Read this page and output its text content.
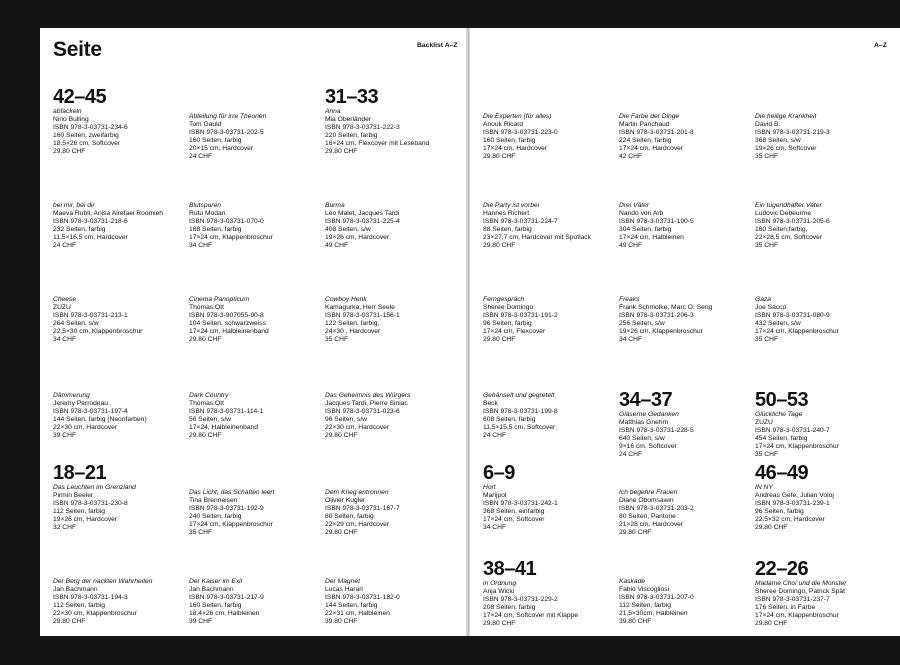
Seite	Backlist A–Z
42–45
abfackeln
Nino Bulling
ISBN 978-3-03731-234-6
160 Seiten, zweifarbig
18,5×26 cm, Softcover
29.80 CHF
Abteilung für irre Theorien
Tom Gauld
ISBN 978-3-03731-202-5
160 Seiten, farbig
20×15 cm, Hardcover
24 CHF
31–33
Anna
Mia Oberländer
ISBN 978-3-03731-222-3
220 Seiten, farbig
16×24 cm, Flexcover mit Leseband
29.80 CHF
bei mir, bei dir
Maeva Rubli, Anisa Alrefaei Roomieh
ISBN 978-3-03731-218-6
232 Seiten, farbig
11,5×16,5 cm, Hardcover
24 CHF
Blutspuren
Rutu Modan
ISBN 978-3-03731-070-0
168 Seiten, farbig
17×24 cm, Klappenbroschur
34 CHF
Burma
Léo Malet, Jacques Tardi
ISBN 978-3-03731-225-4
408 Seiten, s/w
19×26 cm, Hardcover
49 CHF
Cheese
ZUZU
ISBN 978-3-03731-213-1
264 Seiten, s/w
22,5×30 cm, Klappenbroschur
34 CHF
Cinema Panopticum
Thomas Ott
ISBN 978-3-907055-90-8
104 Seiten, schwarzweiss
17×24 cm, Halbleinenband
29.80 CHF
Cowboy Henk
Kamagurka, Herr Seele
ISBN 978-3-03731-156-1
122 Seiten, farbig,
24×30 , Hardcover
35 CHF
Dämmerung
Jeremy Perrodeau
ISBN 978-3-03731-197-4
144 Seiten, farbig (Neonfarben)
22×30 cm, Hardcover
39 CHF
Dark Country
Thomas Ott
ISBN 978-3-03731-114-1
56 Seiten, s/w
17×24, Halbleinenband
29.80 CHF
Das Geheimnis des Würgers
Jacques Tardi, Pierre Siniac
ISBN 978-3-03731-023-6
96 Seiten, s/w
22×30 cm, Hardcover
29.80 CHF
18–21
Das Leuchten im Grenzland
Pirmin Beeler
ISBN 978-3-03731-230-8
112 Seiten, farbig
19×26 cm, Hardcover
32 CHF
Das Licht, das Schatten leert
Tina Brenneisen
ISBN 978-3-03731-192-9
240 Seiten, farbig
17×24 cm, Klappenbroschur
35 CHF
Dem Krieg entronnen
Olivier Kugler
ISBN 978-3-03731-167-7
80 Seiten, farbig
22×29 cm, Hardcover
29.80 CHF
Der Berg der nackten Wahrheiten
Jan Bachmann
ISBN 978-3-03731-194-3
112 Seiten, farbig
22×30 cm, Klappenbroschur
29.80 CHF
Der Kaiser im Exil
Jan Bachmann
ISBN 978-3-03731-217-9
160 Seiten, farbig
18,4×26 cm, Halbleinen
39 CHF
Der Magnet
Lucas Harari
ISBN 978-3-03731-182-0
144 Seiten, farbig
22×31 cm, Halbleinen
39.80 CHF
A–Z
Die Experten (für alles)
Anouk Ricard
ISBN 978-3-03731-223-0
160 Seiten, farbig
17×24 cm, Hardcover
29.80 CHF
Die Farbe der Dinge
Martin Panchaud
ISBN 978-3-03731-201-8
224 Seiten, farbig
17×24 cm, Hardcover
42 CHF
Die heilige Krankheit
David B.
ISBN 978-3-03731-219-3
368 Seiten, s/w
19×26 cm, Softcover
35 CHF
Die Party ist vorbei
Hannes Richert
ISBN 978-3-03731-224-7
88 Seiten, farbig
23×27,7 cm, Hardcover mit Spotlack
29.80 CHF
Drei Väter
Nando von Arb
ISBN 978-3-03731-190-5
304 Seiten, farbig
17×24 cm, Halbleinen
49 CHF
Ein tugendhafter Vater
Ludovic Debeurme
ISBN 978-3-03731-205-6
160 Seiten,farbig,
22×28,5 cm, Softcover
35 CHF
Ferngespräch
Sheree Domingo
ISBN 978-3-03731-191-2
96 Seiten, farbig
17×24 cm, Flexcover
29.80 CHF
Freaks
Frank Schmolke, Marc O. Seng
ISBN 978-3-03731-206-3
256 Seiten, s/w
19×26 cm, Klappenbroschur
34 CHF
Gaza
Joe Sacco
ISBN 978-3-03731-080-9
432 Seiten, s/w
17×24 cm, Klappenbroschur
35 CHF
Gehänselt und gegretelt
Beck
ISBN 978-3-03731-199-8
608 Seiten, farbig
11,5×15,5 cm, Softcover
24 CHF
34–37
Gläserne Gedanken
Matthias Gnehm
ISBN 978-3-03731-228-5
640 Seiten, s/w
9×16 cm, Softcover
24 CHF
50–53
Glückliche Tage
ZUZU
ISBN 978-3-03731-240-7
454 Seiten, farbig
17×24 cm, Klappenbroschur
35 CHF
6–9
Hort
Marijpol
ISBN 978-3-03731-242-1
368 Seiten, einfarbig
17×24 cm, Softcover
34 CHF
Ich begehre Frauen
Diane Obomsawin
ISBN 978-3-03731-203-2
80 Seiten, Pantone
21×28 cm, Hardcover
29.80 CHF
46–49
IN NY
Andreas Gefe, Julian Voloj
ISBN 978-3-03731-239-1
96 Seiten, farbig
22.5×32 cm, Hardcover
29.80 CHF
38–41
in Ordnung
Anja Wicki
ISBN 978-3-03731-229-2
208 Seiten, farbig
17×24 cm, Softcover mit Klappe
29.80 CHF
Kaskade
Fabio Viscogliosi
ISBN 978-3-03731-207-0
112 Seiten, farbig
21,5×30cm, Halbleinen
39.80 CHF
22–26
Madame Choi und die Monster
Sheree Domingo, Patrick Spät
ISBN 978-3-03731-237-7
176 Seiten, in Farbe
17×24 cm, Klappenbroschur
29.80 CHF
